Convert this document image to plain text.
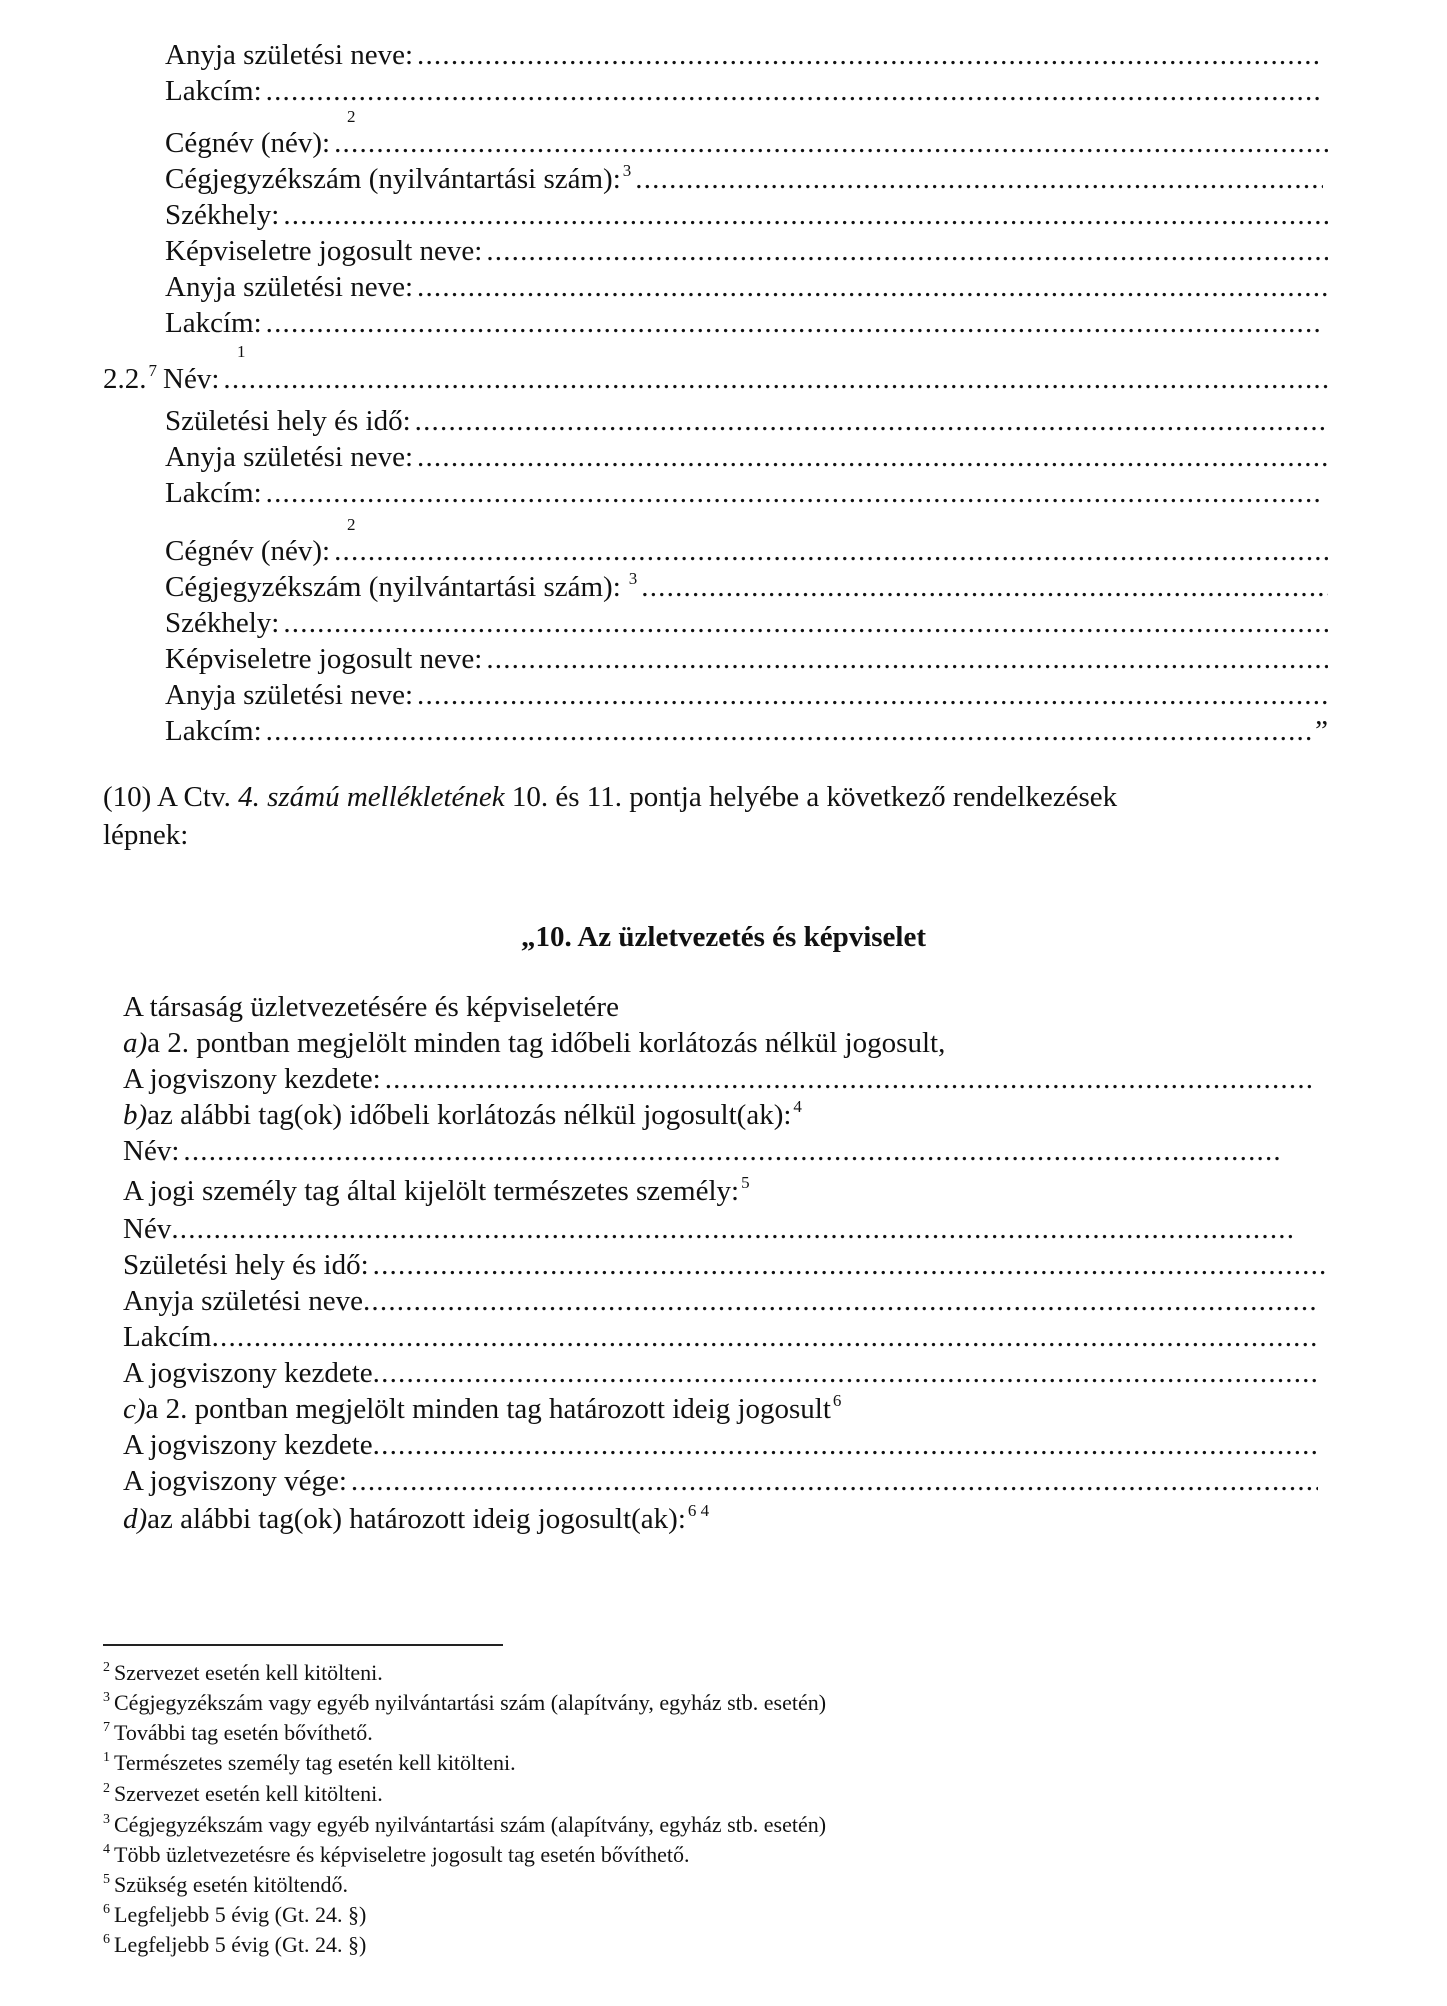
Anyja születési neve:
.....
Lakcím:
.....
2
Cégnév (név):
.....
Cégjegyzékszám (nyilvántartási szám):$^3$
.....
Székhely:
.....
Képviseletre jogosult neve:
.....
Anyja születési neve:
.....
Lakcím:
.....
1
2.2.$^7$ Név:
.....
Születési hely és idő:
.....
Anyja születési neve:
.....
Lakcím:
.....
2
Cégnév (név):
.....
Cégjegyzékszám (nyilvántartási szám): $^3$
.....
Székhely:
.....
Képviseletre jogosult neve:
.....
Anyja születési neve:
.....
Lakcím:
.....	”
(10) A Ctv. 4. számú mellékletének 10. és 11. pontja helyébe a következő rendelkezések
lépnek:
„10. Az üzletvezetés és képviselet
A társaság üzletvezetésére és képviseletére
a) a 2. pontban megjelölt minden tag időbeli korlátozás nélkül jogosult,
A jogviszony kezdete:
.....
b) az alábbi tag(ok) időbeli korlátozás nélkül jogosult(ak):$^4$
Név:
.....
A jogi személy tag által kijelölt természetes személy:$^5$
Név
.....
Születési hely és idő:
.....
Anyja születési neve
.....
Lakcím
.....
A jogviszony kezdete
.....
c) a 2. pontban megjelölt minden tag határozott ideig jogosult$^6$
A jogviszony kezdete
.....
A jogviszony vége:
.....
d) az alábbi tag(ok) határozott ideig jogosult(ak):$^{6 4}$
$^2$ Szervezet esetén kell kitölteni.
$^3$ Cégjegyzékszám vagy egyéb nyilvántartási szám (alapítvány, egyház stb. esetén)
$^7$ További tag esetén bővíthető.
$^1$ Természetes személy tag esetén kell kitölteni.
$^2$ Szervezet esetén kell kitölteni.
$^3$ Cégjegyzékszám vagy egyéb nyilvántartási szám (alapítvány, egyház stb. esetén)
$^4$ Több üzletvezetésre és képviseletre jogosult tag esetén bővíthető.
$^5$ Szükség esetén kitöltendő.
$^6$ Legfeljebb 5 évig (Gt. 24. §)
$^6$ Legfeljebb 5 évig (Gt. 24. §)
